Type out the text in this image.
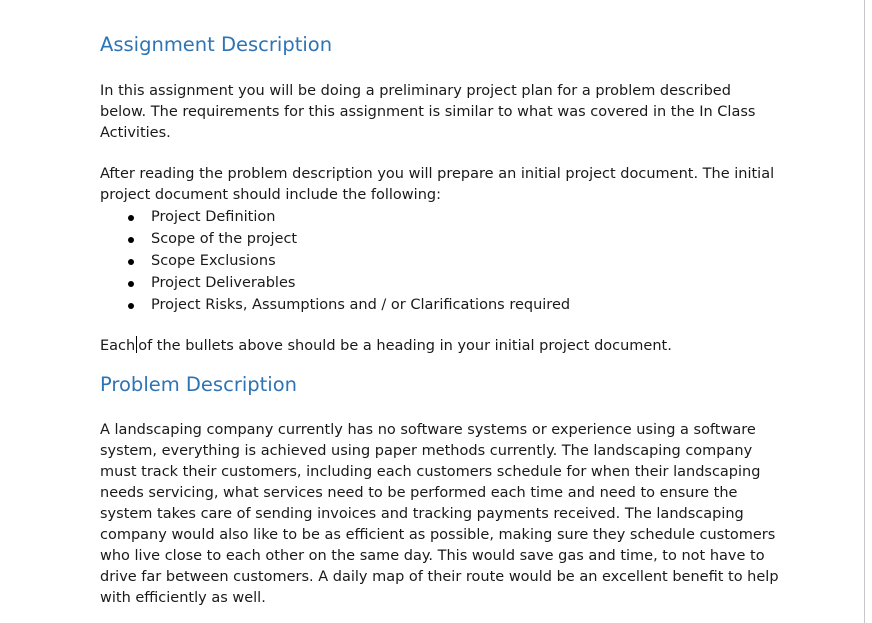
Assignment Description

In this assignment you will be doing a preliminary project plan for a problem described below. The requirements for this assignment is similar to what was covered in the In Class Activities.

After reading the problem description you will prepare an initial project document. The initial project document should include the following:

Project Definition
Scope of the project
Scope Exclusions
Project Deliverables
Project Risks, Assumptions and / or Clarifications required

Each of the bullets above should be a heading in your initial project document.

Problem Description

A landscaping company currently has no software systems or experience using a software system, everything is achieved using paper methods currently. The landscaping company must track their customers, including each customers schedule for when their landscaping needs servicing, what services need to be performed each time and need to ensure the system takes care of sending invoices and tracking payments received. The landscaping company would also like to be as efficient as possible, making sure they schedule customers who live close to each other on the same day. This would save gas and time, to not have to drive far between customers. A daily map of their route would be an excellent benefit to help with efficiently as well.
